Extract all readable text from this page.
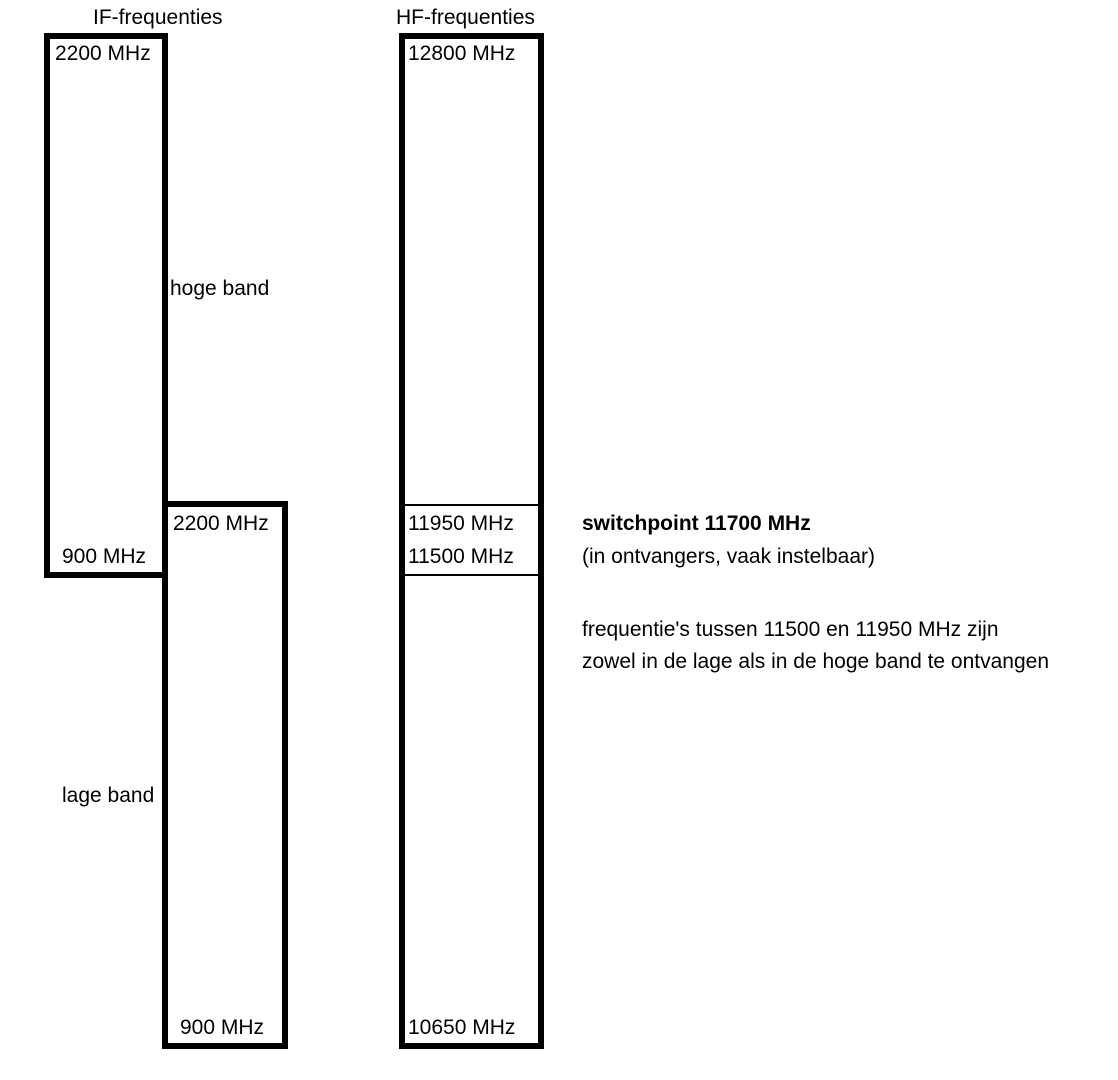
IF-frequenties	HF-frequenties
2200 MHz
900 MHz
hoge band
2200 MHz
900 MHz
lage band
12800 MHz
11950 MHz
11500 MHz
10650 MHz
switchpoint 11700 MHz
(in ontvangers, vaak instelbaar)
frequentie's tussen 11500 en 11950 MHz zijn
zowel in de lage als in de hoge band te ontvangen
